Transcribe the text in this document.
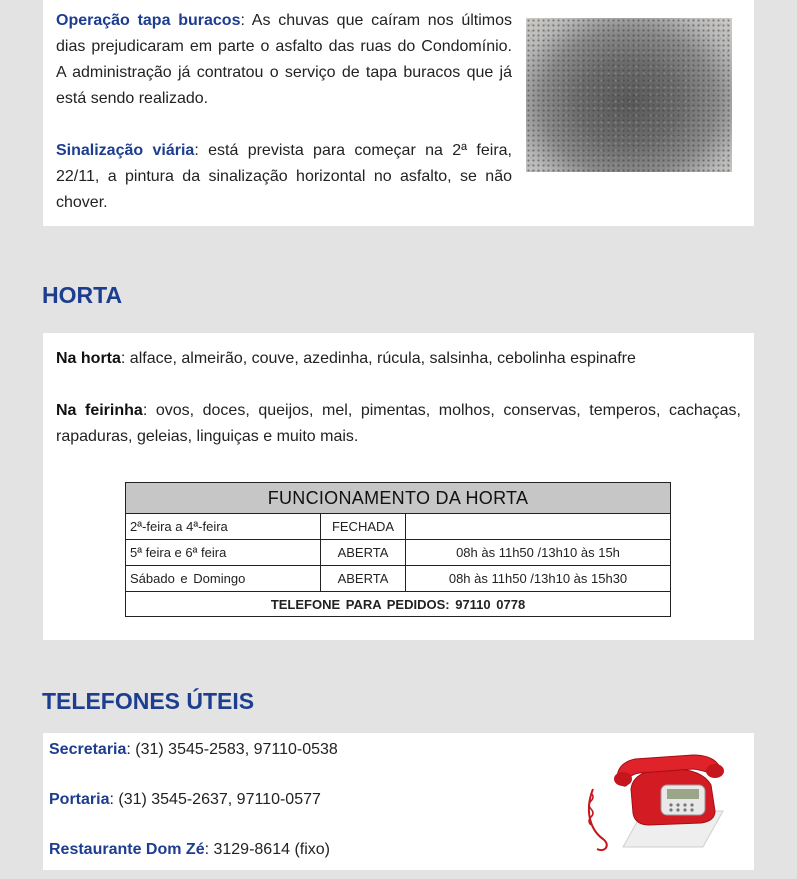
Operação tapa buracos: As chuvas que caíram nos últimos dias prejudicaram em parte o asfalto das ruas do Condomínio. A administração já contratou o serviço de tapa buracos que já está sendo realizado.

Sinalização viária: está prevista para começar na 2ª feira, 22/11, a pintura da sinalização horizontal no asfalto, se não chover.

HORTA

Na horta: alface, almeirão, couve, azedinha, rúcula, salsinha, cebolinha espinafre

Na feirinha: ovos, doces, queijos, mel, pimentas, molhos, conservas, temperos, cachaças, rapaduras, geleias, linguiças e muito mais.

FUNCIONAMENTO DA HORTA		
2ª-feira a 4ª-feira	FECHADA	
5ª feira e 6ª feira	ABERTA	08h às 11h50 /13h10 às 15h
Sábado e Domingo	ABERTA	08h às 11h50 /13h10 às 15h30
TELEFONE PARA PEDIDOS: 97110 0778		
TELEFONES ÚTEIS

Secretaria: (31) 3545-2583, 97110-0538

Portaria: (31) 3545-2637, 97110-0577

Restaurante Dom Zé: 3129-8614 (fixo)
